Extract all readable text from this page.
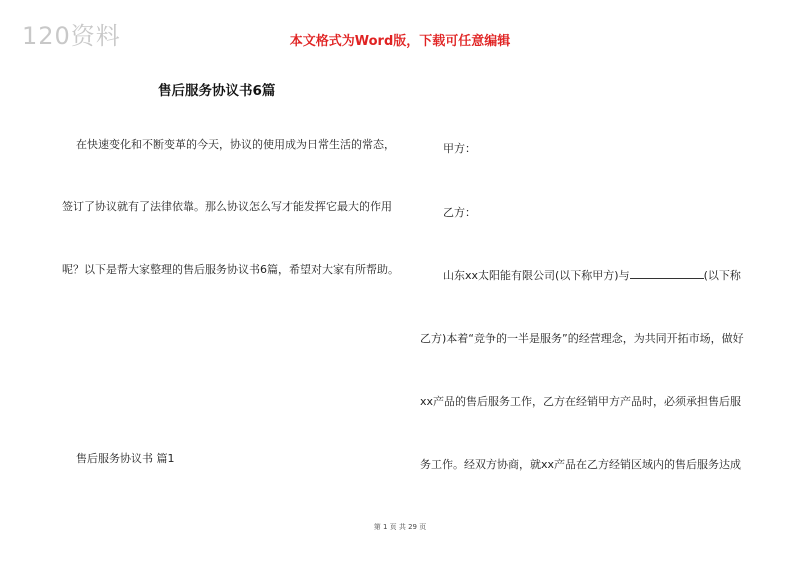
120资料	本文格式为Word版，下载可任意编辑
售后服务协议书6篇
在快速变化和不断变革的今天，协议的使用成为日常生活的常态，
签订了协议就有了法律依靠。那么协议怎么写才能发挥它最大的作用
呢？以下是帮大家整理的售后服务协议书6篇，希望对大家有所帮助。
售后服务协议书 篇1
甲方：
乙方：
山东xx太阳能有限公司(以下称甲方)与	(以下称
乙方)本着“竞争的一半是服务”的经营理念，为共同开拓市场，做好
xx产品的售后服务工作，乙方在经销甲方产品时，必须承担售后服
务工作。经双方协商，就xx产品在乙方经销区域内的售后服务达成
第 1 页 共 29 页
